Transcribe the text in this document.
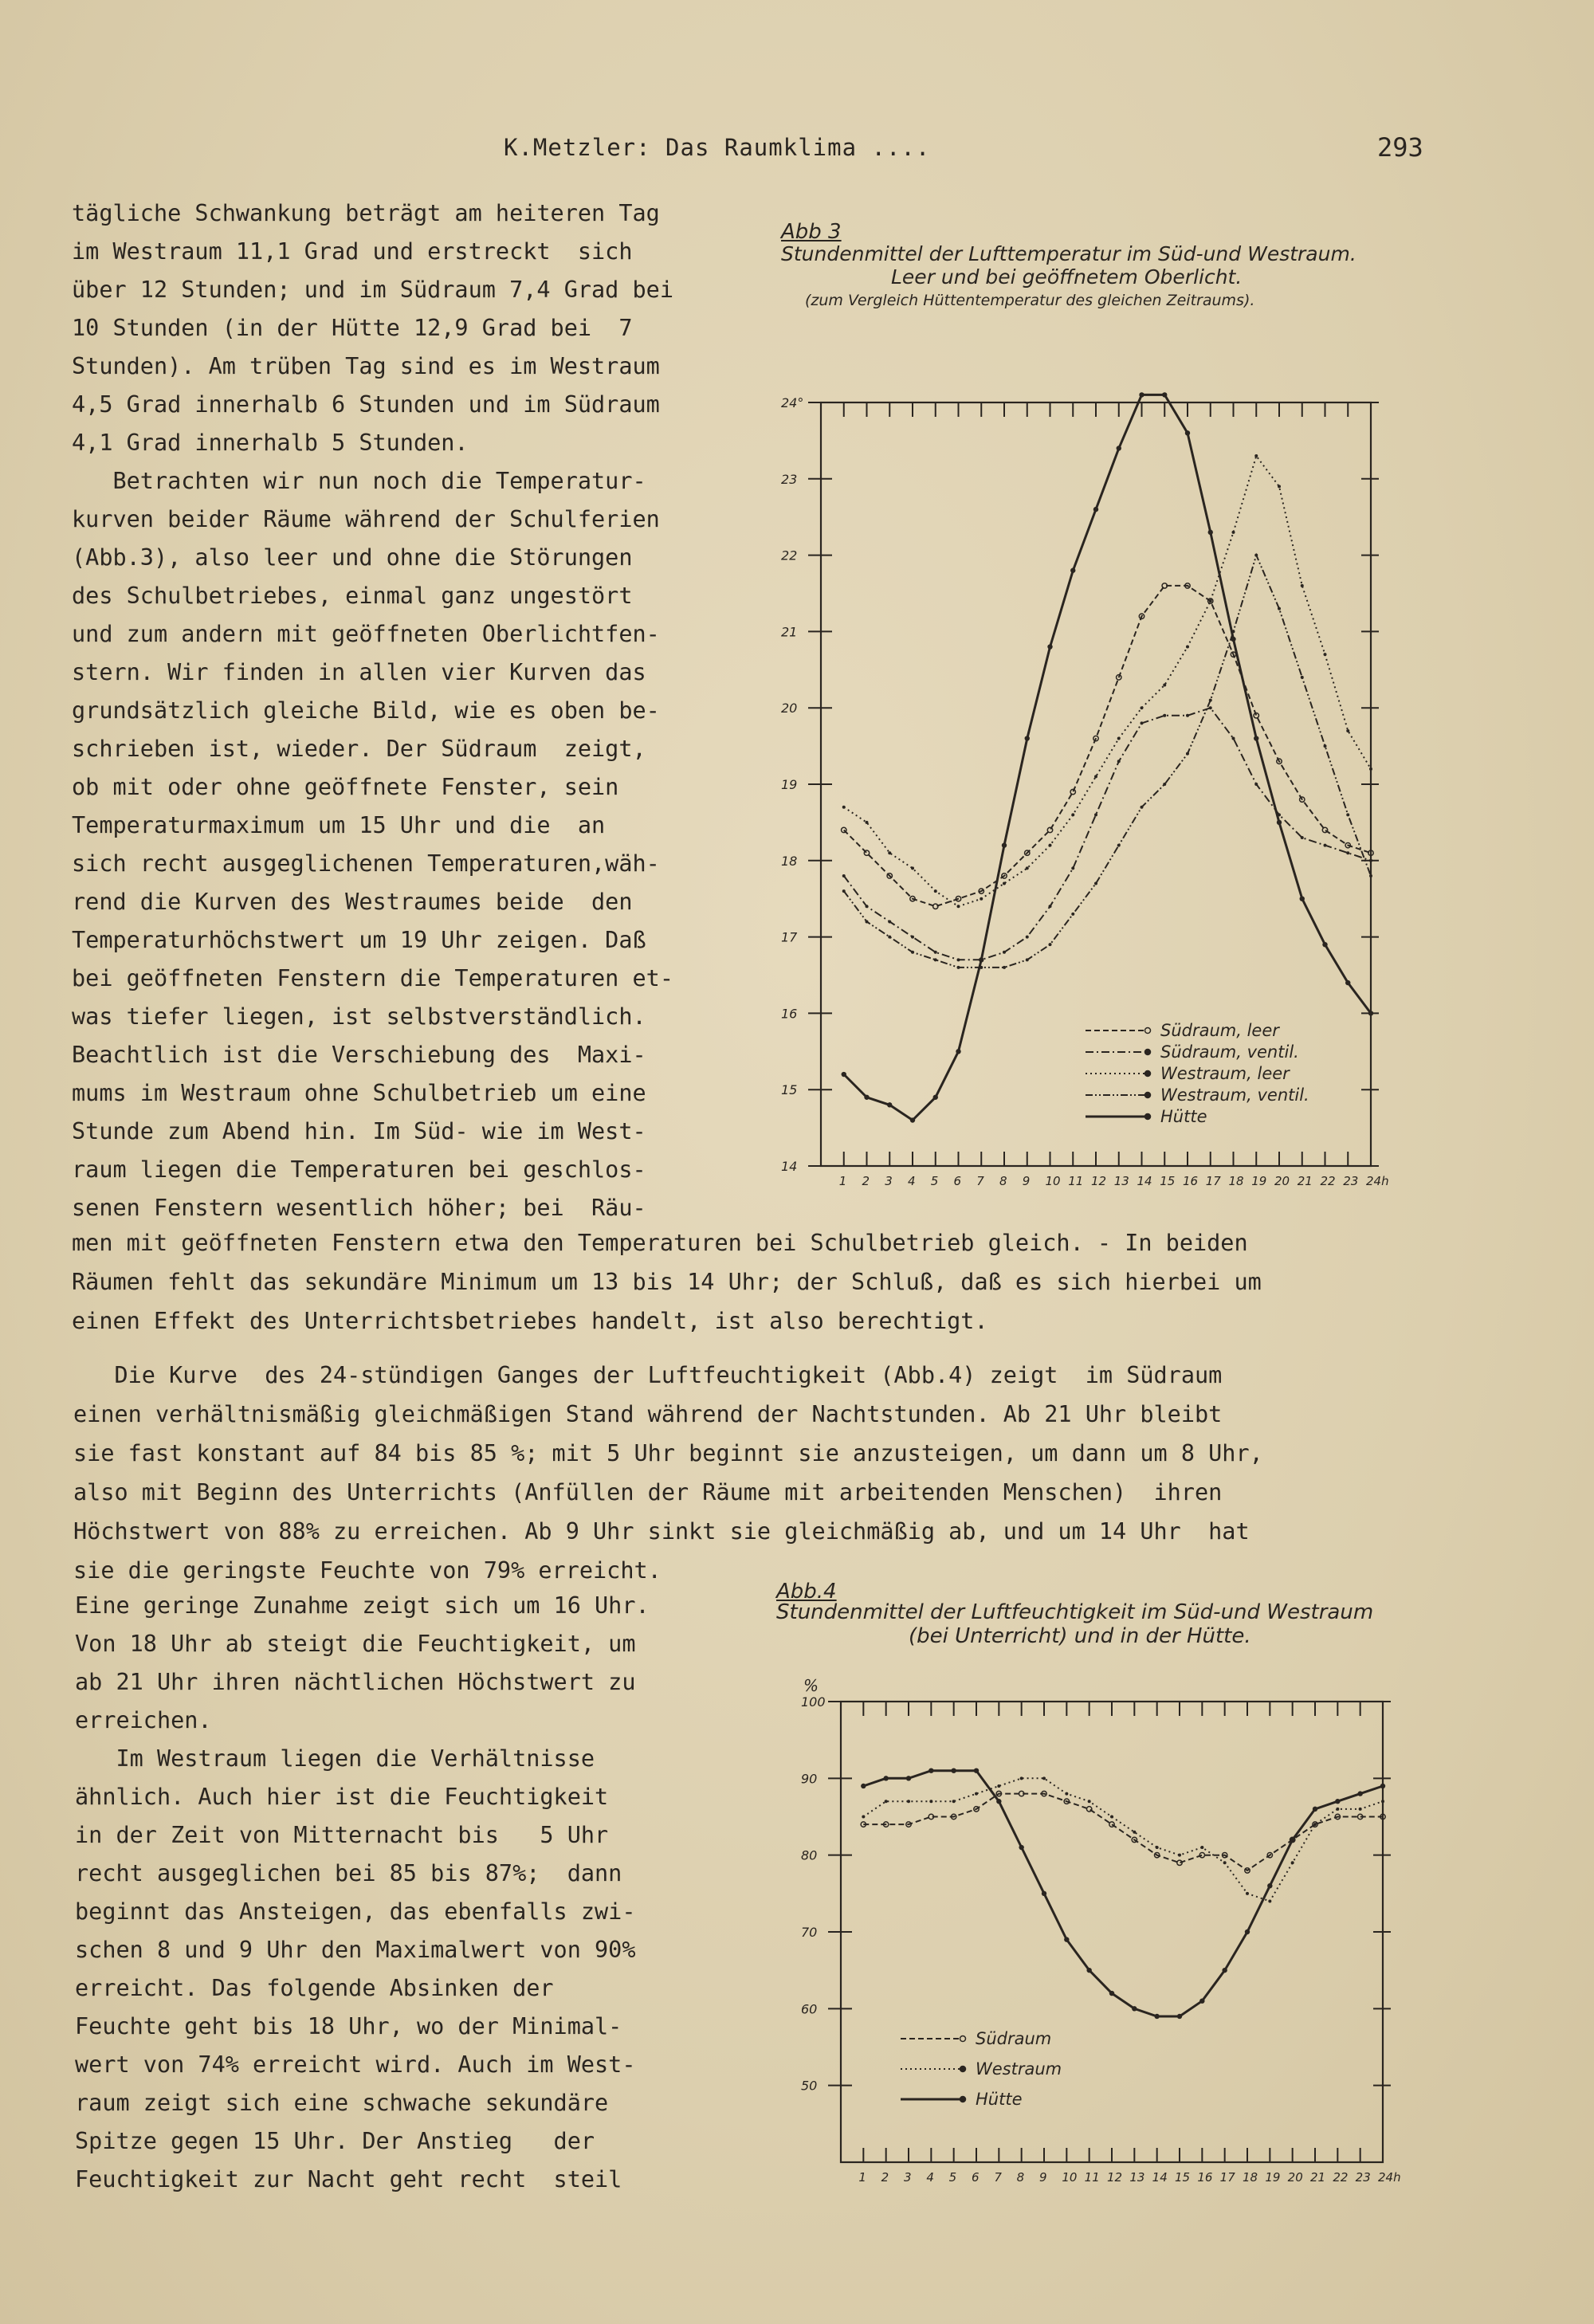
K.Metzler: Das Raumklima ....	293
tägliche Schwankung beträgt am heiteren Tag
im Westraum 11,1 Grad und erstreckt  sich
über 12 Stunden; und im Südraum 7,4 Grad bei
10 Stunden (in der Hütte 12,9 Grad bei  7
Stunden). Am trüben Tag sind es im Westraum
4,5 Grad innerhalb 6 Stunden und im Südraum
4,1 Grad innerhalb 5 Stunden.
Betrachten wir nun noch die Temperatur-
kurven beider Räume während der Schulferien
(Abb.3), also leer und ohne die Störungen
des Schulbetriebes, einmal ganz ungestört
und zum andern mit geöffneten Oberlichtfen-
stern. Wir finden in allen vier Kurven das
grundsätzlich gleiche Bild, wie es oben be-
schrieben ist, wieder. Der Südraum  zeigt,
ob mit oder ohne geöffnete Fenster, sein
Temperaturmaximum um 15 Uhr und die  an
sich recht ausgeglichenen Temperaturen,wäh-
rend die Kurven des Westraumes beide  den
Temperaturhöchstwert um 19 Uhr zeigen. Daß
bei geöffneten Fenstern die Temperaturen et-
was tiefer liegen, ist selbstverständlich.
Beachtlich ist die Verschiebung des  Maxi-
mums im Westraum ohne Schulbetrieb um eine
Stunde zum Abend hin. Im Süd- wie im West-
raum liegen die Temperaturen bei geschlos-
senen Fenstern wesentlich höher; bei  Räu-
men mit geöffneten Fenstern etwa den Temperaturen bei Schulbetrieb gleich. - In beiden
Räumen fehlt das sekundäre Minimum um 13 bis 14 Uhr; der Schluß, daß es sich hierbei um
einen Effekt des Unterrichtsbetriebes handelt, ist also berechtigt.
Die Kurve  des 24-stündigen Ganges der Luftfeuchtigkeit (Abb.4) zeigt  im Südraum
einen verhältnismäßig gleichmäßigen Stand während der Nachtstunden. Ab 21 Uhr bleibt
sie fast konstant auf 84 bis 85 %; mit 5 Uhr beginnt sie anzusteigen, um dann um 8 Uhr,
also mit Beginn des Unterrichts (Anfüllen der Räume mit arbeitenden Menschen)  ihren
Höchstwert von 88% zu erreichen. Ab 9 Uhr sinkt sie gleichmäßig ab, und um 14 Uhr  hat
sie die geringste Feuchte von 79% erreicht.
Eine geringe Zunahme zeigt sich um 16 Uhr.
Von 18 Uhr ab steigt die Feuchtigkeit, um
ab 21 Uhr ihren nächtlichen Höchstwert zu
erreichen.
Im Westraum liegen die Verhältnisse
ähnlich. Auch hier ist die Feuchtigkeit
in der Zeit von Mitternacht bis   5 Uhr
recht ausgeglichen bei 85 bis 87%;  dann
beginnt das Ansteigen, das ebenfalls zwi-
schen 8 und 9 Uhr den Maximalwert von 90%
erreicht. Das folgende Absinken der
Feuchte geht bis 18 Uhr, wo der Minimal-
wert von 74% erreicht wird. Auch im West-
raum zeigt sich eine schwache sekundäre
Spitze gegen 15 Uhr. Der Anstieg   der
Feuchtigkeit zur Nacht geht recht  steil
Abb 3
Stundenmittel der Lufttemperatur im Süd-und Westraum.
Leer und bei geöffnetem Oberlicht.
(zum Vergleich Hüttentemperatur des gleichen Zeitraums).
Abb.4
Stundenmittel der Luftfeuchtigkeit im Süd-und Westraum
(bei Unterricht) und in der Hütte.
1 2 3 4 5 6 7 8 9 10 11 12 13 14 15 16 17 18 19 20 21 22 23 24h
24°
23
22
21
20
19
18
17
16
15
14
Südraum, leer
Südraum, ventil.
Westraum, leer
Westraum, ventil.
Hütte
1 2 3 4 5 6 7 8 9 10 11 12 13 14 15 16 17 18 19 20 21 22 23 24h
100
90
80
70
60
50
Südraum
Westraum
Hütte
%
